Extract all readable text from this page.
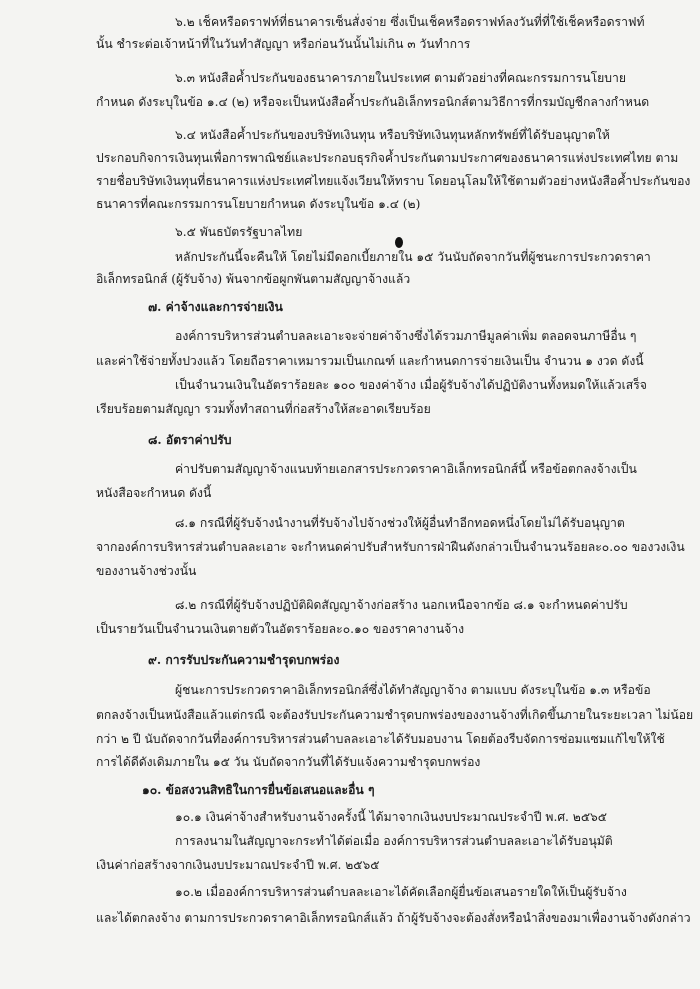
๖.๒ เช็คหรือดราฟท์ที่ธนาคารเซ็นสั่งจ่าย ซึ่งเป็นเช็คหรือดราฟท์ลงวันที่ที่ใช้เช็คหรือดราฟท์
นั้น ชำระต่อเจ้าหน้าที่ในวันทำสัญญา หรือก่อนวันนั้นไม่เกิน ๓ วันทำการ
๖.๓ หนังสือค้ำประกันของธนาคารภายในประเทศ ตามตัวอย่างที่คณะกรรมการนโยบาย
กำหนด ดังระบุในข้อ ๑.๔ (๒) หรือจะเป็นหนังสือค้ำประกันอิเล็กทรอนิกส์ตามวิธีการที่กรมบัญชีกลางกำหนด
๖.๔ หนังสือค้ำประกันของบริษัทเงินทุน หรือบริษัทเงินทุนหลักทรัพย์ที่ได้รับอนุญาตให้
ประกอบกิจการเงินทุนเพื่อการพาณิชย์และประกอบธุรกิจค้ำประกันตามประกาศของธนาคารแห่งประเทศไทย ตาม
รายชื่อบริษัทเงินทุนที่ธนาคารแห่งประเทศไทยแจ้งเวียนให้ทราบ โดยอนุโลมให้ใช้ตามตัวอย่างหนังสือค้ำประกันของ
ธนาคารที่คณะกรรมการนโยบายกำหนด ดังระบุในข้อ ๑.๔ (๒)
๖.๕ พันธบัตรรัฐบาลไทย
หลักประกันนี้จะคืนให้ โดยไม่มีดอกเบี้ยภายใน ๑๕ วันนับถัดจากวันที่ผู้ชนะการประกวดราคา
อิเล็กทรอนิกส์ (ผู้รับจ้าง) พ้นจากข้อผูกพันตามสัญญาจ้างแล้ว
๗. ค่าจ้างและการจ่ายเงิน
องค์การบริหารส่วนตำบลละเอาะจะจ่ายค่าจ้างซึ่งได้รวมภาษีมูลค่าเพิ่ม ตลอดจนภาษีอื่น ๆ
และค่าใช้จ่ายทั้งปวงแล้ว โดยถือราคาเหมารวมเป็นเกณฑ์ และกำหนดการจ่ายเงินเป็น จำนวน ๑ งวด ดังนี้
เป็นจำนวนเงินในอัตราร้อยละ ๑๐๐ ของค่าจ้าง เมื่อผู้รับจ้างได้ปฏิบัติงานทั้งหมดให้แล้วเสร็จ
เรียบร้อยตามสัญญา รวมทั้งทำสถานที่ก่อสร้างให้สะอาดเรียบร้อย
๘. อัตราค่าปรับ
ค่าปรับตามสัญญาจ้างแนบท้ายเอกสารประกวดราคาอิเล็กทรอนิกส์นี้ หรือข้อตกลงจ้างเป็น
หนังสือจะกำหนด ดังนี้
๘.๑ กรณีที่ผู้รับจ้างนำงานที่รับจ้างไปจ้างช่วงให้ผู้อื่นทำอีกทอดหนึ่งโดยไม่ได้รับอนุญาต
จากองค์การบริหารส่วนตำบลละเอาะ จะกำหนดค่าปรับสำหรับการฝ่าฝืนดังกล่าวเป็นจำนวนร้อยละ๐.๐๐ ของวงเงิน
ของงานจ้างช่วงนั้น
๘.๒ กรณีที่ผู้รับจ้างปฏิบัติผิดสัญญาจ้างก่อสร้าง นอกเหนือจากข้อ ๘.๑ จะกำหนดค่าปรับ
เป็นรายวันเป็นจำนวนเงินตายตัวในอัตราร้อยละ๐.๑๐ ของราคางานจ้าง
๙. การรับประกันความชำรุดบกพร่อง
ผู้ชนะการประกวดราคาอิเล็กทรอนิกส์ซึ่งได้ทำสัญญาจ้าง ตามแบบ ดังระบุในข้อ ๑.๓ หรือข้อ
ตกลงจ้างเป็นหนังสือแล้วแต่กรณี จะต้องรับประกันความชำรุดบกพร่องของงานจ้างที่เกิดขึ้นภายในระยะเวลา ไม่น้อย
กว่า ๒ ปี นับถัดจากวันที่องค์การบริหารส่วนตำบลละเอาะได้รับมอบงาน โดยต้องรีบจัดการซ่อมแซมแก้ไขให้ใช้
การได้ดีดังเดิมภายใน ๑๕ วัน นับถัดจากวันที่ได้รับแจ้งความชำรุดบกพร่อง
๑๐. ข้อสงวนสิทธิในการยื่นข้อเสนอและอื่น ๆ
๑๐.๑ เงินค่าจ้างสำหรับงานจ้างครั้งนี้ ได้มาจากเงินงบประมาณประจำปี พ.ศ. ๒๕๖๕
การลงนามในสัญญาจะกระทำได้ต่อเมื่อ องค์การบริหารส่วนตำบลละเอาะได้รับอนุมัติ
เงินค่าก่อสร้างจากเงินงบประมาณประจำปี พ.ศ. ๒๕๖๕
๑๐.๒ เมื่อองค์การบริหารส่วนตำบลละเอาะได้คัดเลือกผู้ยื่นข้อเสนอรายใดให้เป็นผู้รับจ้าง
และได้ตกลงจ้าง ตามการประกวดราคาอิเล็กทรอนิกส์แล้ว ถ้าผู้รับจ้างจะต้องสั่งหรือนำสิ่งของมาเพื่องานจ้างดังกล่าว
